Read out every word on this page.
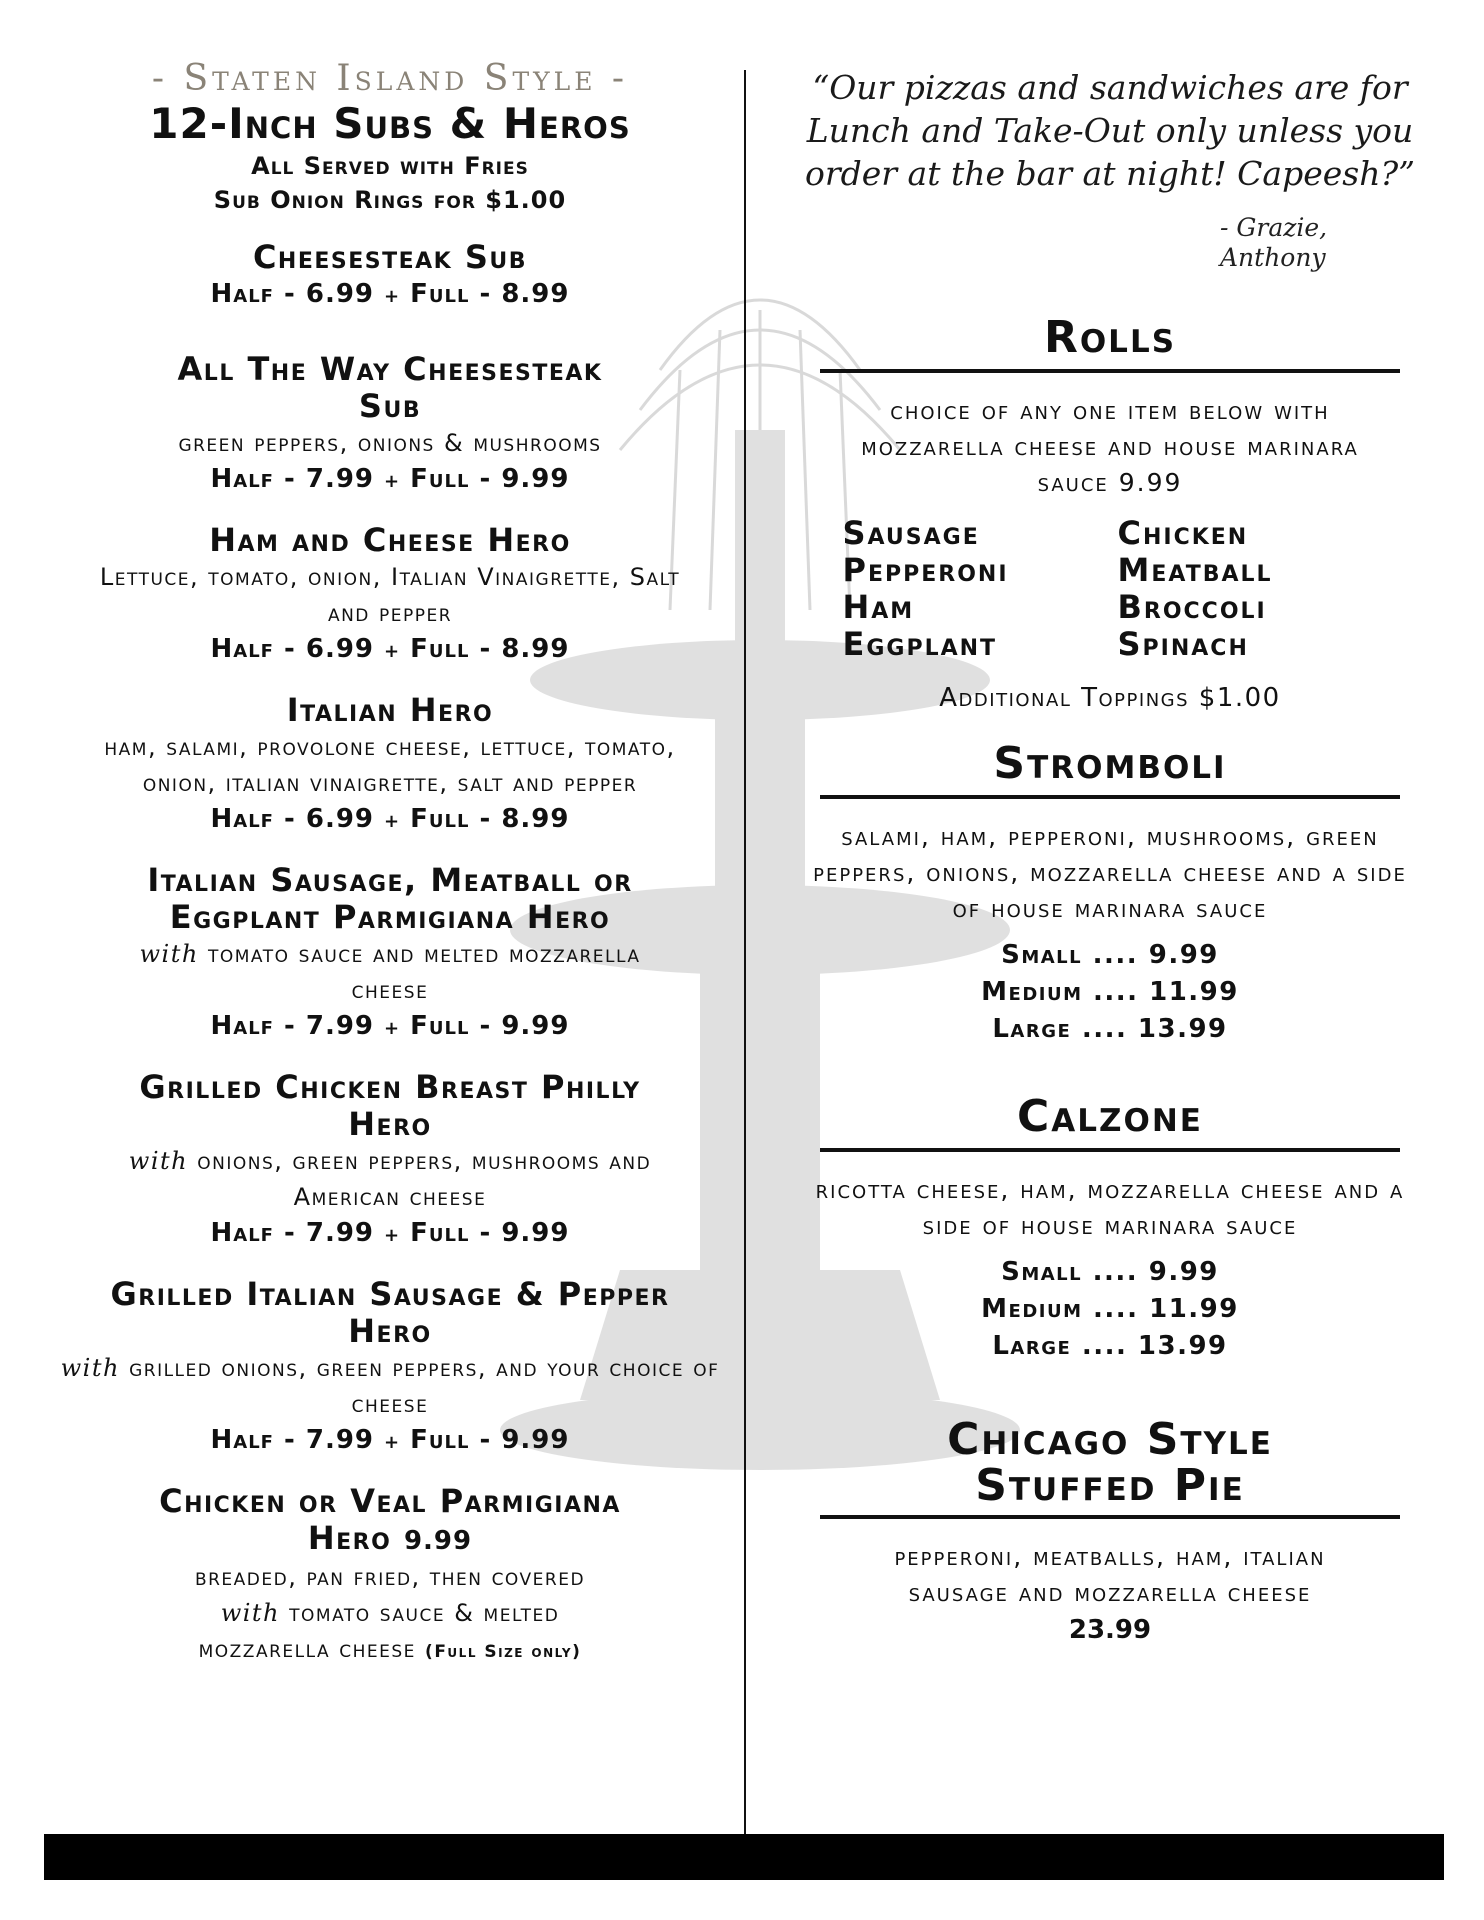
- Staten Island Style -
12-Inch Subs & Heros
All Served with Fries
Sub Onion Rings for $1.00
Cheesesteak Sub
Half - 6.99 + Full - 8.99
All The Way Cheesesteak Sub
green peppers, onions & mushrooms
Half - 7.99 + Full - 9.99
Ham and Cheese Hero
Lettuce, tomato, onion, Italian Vinaigrette, Salt and pepper
Half - 6.99 + Full - 8.99
Italian Hero
ham, salami, provolone cheese, lettuce, tomato, onion, italian vinaigrette, salt and pepper
Half - 6.99 + Full - 8.99
Italian Sausage, Meatball or Eggplant Parmigiana Hero
with tomato sauce and melted mozzarella cheese
Half - 7.99 + Full - 9.99
Grilled Chicken Breast Philly Hero
with onions, green peppers, mushrooms and American cheese
Half - 7.99 + Full - 9.99
Grilled Italian Sausage & Pepper Hero
with grilled onions, green peppers, and your choice of cheese
Half - 7.99 + Full - 9.99
Chicken or Veal Parmigiana Hero 9.99
breaded, pan fried, then covered
with tomato sauce & melted
mozzarella cheese (Full Size only)
“Our pizzas and sandwiches are for Lunch and Take-Out only unless you order at the bar at night! Capeesh?”
- Grazie,
Anthony
Rolls
choice of any one item below with mozzarella cheese and house marinara sauce 9.99
Sausage	Chicken
Pepperoni	Meatball
Ham	Broccoli
Eggplant	Spinach
Additional Toppings $1.00
Stromboli
salami, ham, pepperoni, mushrooms, green peppers, onions, mozzarella cheese and a side of house marinara sauce
Small .... 9.99
Medium .... 11.99
Large .... 13.99
Calzone
ricotta cheese, ham, mozzarella cheese and a side of house marinara sauce
Small .... 9.99
Medium .... 11.99
Large .... 13.99
Chicago Style
Stuffed Pie
pepperoni, meatballs, ham, italian sausage and mozzarella cheese
23.99
